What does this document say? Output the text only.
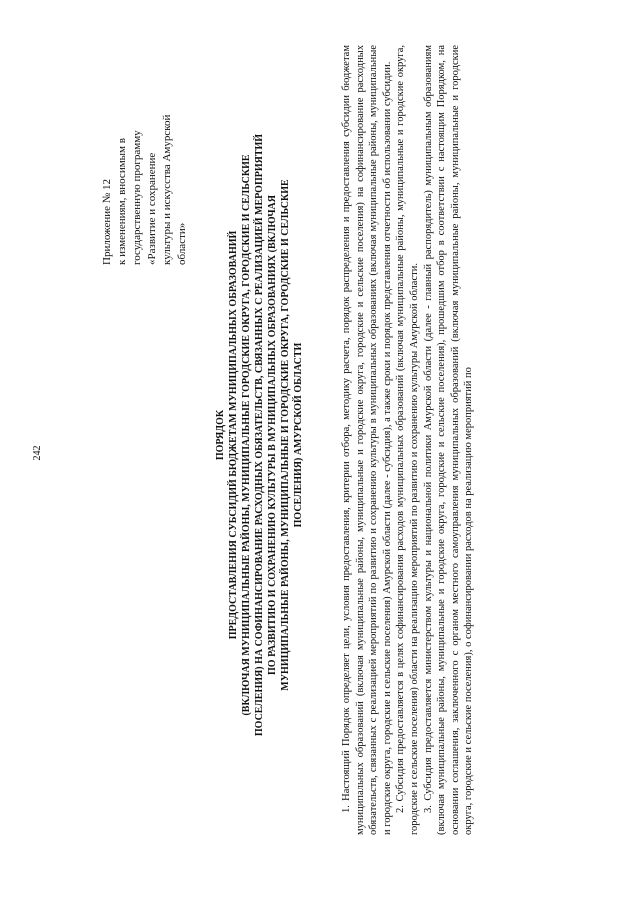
242
Приложение № 12 к изменениям, вносимым в государственную программу «Развитие и сохранение культуры и искусства Амурской области»
ПОРЯДОК ПРЕДОСТАВЛЕНИЯ СУБСИДИЙ БЮДЖЕТАМ МУНИЦИПАЛЬНЫХ ОБРАЗОВАНИЙ (ВКЛЮЧАЯ МУНИЦИПАЛЬНЫЕ РАЙОНЫ, МУНИЦИПАЛЬНЫЕ ГОРОДСКИЕ ОКРУГА, ГОРОДСКИЕ И СЕЛЬСКИЕ ПОСЕЛЕНИЯ) НА СОФИНАНСИРОВАНИЕ РАСХОДНЫХ ОБЯЗАТЕЛЬСТВ, СВЯЗАННЫХ С РЕАЛИЗАЦИЕЙ МЕРОПРИЯТИЙ ПО РАЗВИТИЮ И СОХРАНЕНИЮ КУЛЬТУРЫ В МУНИЦИПАЛЬНЫХ ОБРАЗОВАНИЯХ (ВКЛЮЧАЯ МУНИЦИПАЛЬНЫЕ РАЙОНЫ, МУНИЦИПАЛЬНЫЕ И ГОРОДСКИЕ ОКРУГА, ГОРОДСКИЕ И СЕЛЬСКИЕ ПОСЕЛЕНИЯ) АМУРСКОЙ ОБЛАСТИ	1. Настоящий Порядок определяет цели, условия предоставления, критерии отбора, методику расчета, порядок распределения и предоставления субсидии бюджетам муниципальных образований (включая муниципальные районы, муниципальные и городские округа, городские и сельские поселения) на софинансирование расходных обязательств, связанных с реализацией мероприятий по развитию и сохранению культуры в муниципальных образованиях (включая муниципальные районы, муниципальные и городские округа, городские и сельские поселения) Амурской области (далее - субсидия), а также сроки и порядок представления отчетности об использовании субсидии. 2. Субсидия предоставляется в целях софинансирования расходов муниципальных образований (включая муниципальные районы, муниципальные и городские округа, городские и сельские поселения) области на реализацию мероприятий по развитию и сохранению культуры Амурской области. 3. Субсидия предоставляется министерством культуры и национальной политики Амурской области (далее - главный распорядитель) муниципальным образованиям (включая муниципальные районы, муниципальные и городские округа, городские и сельские поселения), прошедшим отбор в соответствии с настоящим Порядком, на основании соглашения, заключенного с органом местного самоуправления муниципальных образований (включая муниципальные районы, муниципальные и городские округа, городские и сельские поселения), о софинансировании расходов на реализацию мероприятий по
